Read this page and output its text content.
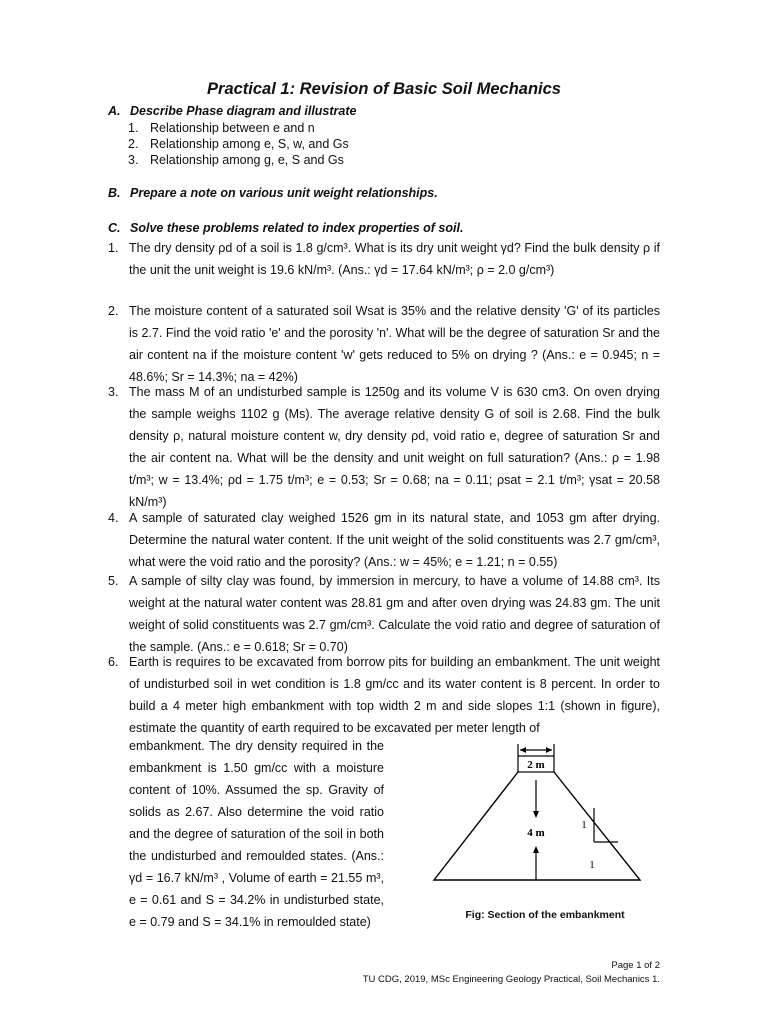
Practical 1: Revision of Basic Soil Mechanics
A. Describe Phase diagram and illustrate
1. Relationship between e and n
2. Relationship among e, S, w, and Gs
3. Relationship among g, e, S and Gs
B. Prepare a note on various unit weight relationships.
C. Solve these problems related to index properties of soil.
1. The dry density ρd of a soil is 1.8 g/cm³. What is its dry unit weight γd? Find the bulk density ρ if the unit the unit weight is 19.6 kN/m³. (Ans.: γd = 17.64 kN/m³; ρ = 2.0 g/cm³)
2. The moisture content of a saturated soil Wsat is 35% and the relative density 'G' of its particles is 2.7. Find the void ratio 'e' and the porosity 'n'. What will be the degree of saturation Sr and the air content na if the moisture content 'w' gets reduced to 5% on drying ? (Ans.: e = 0.945; n = 48.6%; Sr = 14.3%; na = 42%)
3. The mass M of an undisturbed sample is 1250g and its volume V is 630 cm3. On oven drying the sample weighs 1102 g (Ms). The average relative density G of soil is 2.68. Find the bulk density ρ, natural moisture content w, dry density ρd, void ratio e, degree of saturation Sr and the air content na. What will be the density and unit weight on full saturation? (Ans.: ρ = 1.98 t/m³; w = 13.4%; ρd = 1.75 t/m³; e = 0.53; Sr = 0.68; na = 0.11; ρsat = 2.1 t/m³; γsat = 20.58 kN/m³)
4. A sample of saturated clay weighed 1526 gm in its natural state, and 1053 gm after drying. Determine the natural water content. If the unit weight of the solid constituents was 2.7 gm/cm³, what were the void ratio and the porosity? (Ans.: w = 45%; e = 1.21; n = 0.55)
5. A sample of silty clay was found, by immersion in mercury, to have a volume of 14.88 cm³. Its weight at the natural water content was 28.81 gm and after oven drying was 24.83 gm. The unit weight of solid constituents was 2.7 gm/cm³. Calculate the void ratio and degree of saturation of the sample. (Ans.: e = 0.618; Sr = 0.70)
6. Earth is requires to be excavated from borrow pits for building an embankment. The unit weight of undisturbed soil in wet condition is 1.8 gm/cc and its water content is 8 percent. In order to build a 4 meter high embankment with top width 2 m and side slopes 1:1 (shown in figure), estimate the quantity of earth required to be excavated per meter length of
embankment. The dry density required in the embankment is 1.50 gm/cc with a moisture content of 10%. Assumed the sp. Gravity of solids as 2.67. Also determine the void ratio and the degree of saturation of the soil in both the undisturbed and remoulded states. (Ans.: γd = 16.7 kN/m³ , Volume of earth = 21.55 m³, e = 0.61 and S = 34.2% in undisturbed state, e = 0.79 and S = 34.1% in remoulded state)
2 m
4 m
1
1
Fig: Section of the embankment
Page 1 of 2
TU CDG, 2019, MSc Engineering Geology Practical, Soil Mechanics 1.
